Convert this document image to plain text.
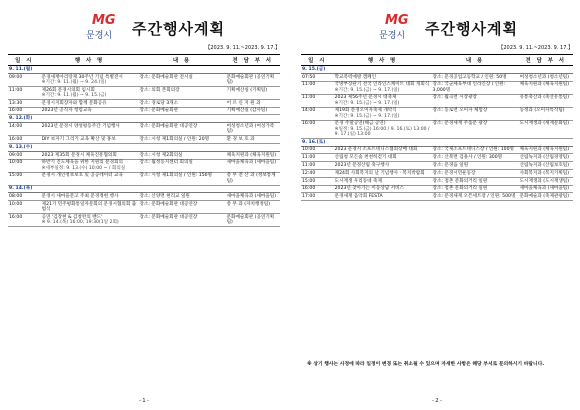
MG
문경시 주간행사계획
【2023. 9. 11.~2023. 9. 17.】
일 시	행 사 명	내 용	전 담 부 서
9. 11.(월)			

09:00	문경새재아리랑제 30주년 기념 특별전시
※기간: 9. 11.(월) ~ 9. 24.(일)	장소: 문화예술회관 전시실	문화예술회관 (공연기획팀)

11:00	제26회 문경시의회 임시회
※기간: 9. 11.(월) ~ 9. 15.(금)	장소: 의회 본회의장	기획예산실 (기획팀)

13:30	문경시지회장자와 함께 문화공유	장소: 경로당 3개소	어 르 신 지 원 과

16:00	2023년 공직자 청렴교육	장소: 문화예술회관	기획예산실 (감사팀)

9. 12.(화)			

14:00	2023년 문경시 양성평등주간 기념행사	장소: 문화예술회관 대공연장	여성청소년과 (여성가족팀)

16:00	DIY 보자기 그리기 교육 확산 및 홍보	장소: 시청 제1회의실 / 인원: 20명	환 경 보 호 과

9. 13.(수)			

09:00	2023 제35회 문경시 체육진흥협의회	장소: 시청 제2회의실	체육지원과 (체육지원팀)

10:00	하반기 진도체육을 위한 지원의 분경회의
※세부일정: 9. 13.(수) 10:00 ~ / 회의실	장소: 월정동지센터 회의실	새마을체육과 (새마을팀)

15:00	문경시 개인정보보호 및 공공데이터 교육	장소: 시청 제1회의실 / 인원: 150명	총 무 전 산 과 (정보통계팀)

9. 14.(목)			

08:00	문경시 새마을문고 주최 문경정현 행사	장소: 산양면 현리교 일원	새마을체육과 (새마을팀)

10:00	제21기 민주평화통일자문회의 문경시협의회 출범식	장소: 문화예술회관 대공연장	총 무 과 (자치행정팀)

16:00	공연 '김장현 & 김창완의 밴드'
※ 9. 14.(목) 16:00, 19:30(1일 2회)	장소: 문화예술회관 대공연장	문화예술회관 (공연기획팀)
- 1 -
MG
문경시 주간행사계획
【2023. 9. 11.~2023. 9. 17.】
일 시	행 사 명	내 용	전 담 부 서
9. 15.(금)			

07:50	학교폭력예방 캠페인	장소: 문경공업고등학교 / 인원: 50명	여성청소년과 (청소년팀)

11:00	국방부장관기 전국 인라인스케이트 대회 개회식
※기간: 9. 15.(금) ~ 9. 17.(일)	장소: 국군체육부대 인라인장 / 인원: 3,000명	체육지원과 (체육지원팀)

11:00	2023 제56주년 문경시 대축제
※기간: 9. 15.(금) ~ 9. 17.(일)	장소: 월곡면 시장광장	유통축산과 (축산유통팀)

14:00	제19회 문경오미자축제 개막식
※기간: 9. 15.(금) ~ 9. 17.(일)	장소: 동로면 오미자 체험장	농정과 (오미자특작팀)

16:00	문경 주말공연(해금 공연)
※일정: 9. 15.(금) 16:00 / 9. 16.(토) 13:00 / 9. 17.(일) 13:00	장소: 문경새재 주흘문 광장	도시재생과 (새재문화팀)

9. 16.(토)			

10:00	2023 문경시 소프트테니스협회장배 대회	장소: 국제소프트테니스장 / 인원: 100명	체육지원과 (체육지원팀)

11:00	산림청 모든숲 천천히걷기 대회	장소: 산북면 김용사 / 인원: 300명	산림녹지과 (산림경영팀)

11:00	2023년 문경산림 축구행사	장소: 문경읍 일원	산림녹지과 (산림보호팀)

12:40	제24회 사회복지의 날 기념행사 · 복지박람회	장소: 문경시민운동장	사회복지과 (복지기획팀)

15:00	도시재생 우리동네 축제	장소: 점촌 문화의거리 일원	도시재생과 (도시재생팀)

16:00	2023년 찾아가는 이동상담 서비스	장소: 점촌 문화의거리 일원	새마을체육과 (새마을팀)

17:00	문경새재 음악회 FESTA	장소: 문경새재 오픈세트장 / 인원: 500명	문화예술과 (축제관광팀)
※ 상기 행사는 사정에 따라 일정이 변경 또는 취소될 수 있으며 자세한 사항은 해당 부서로 문의하시기 바랍니다.
- 2 -
